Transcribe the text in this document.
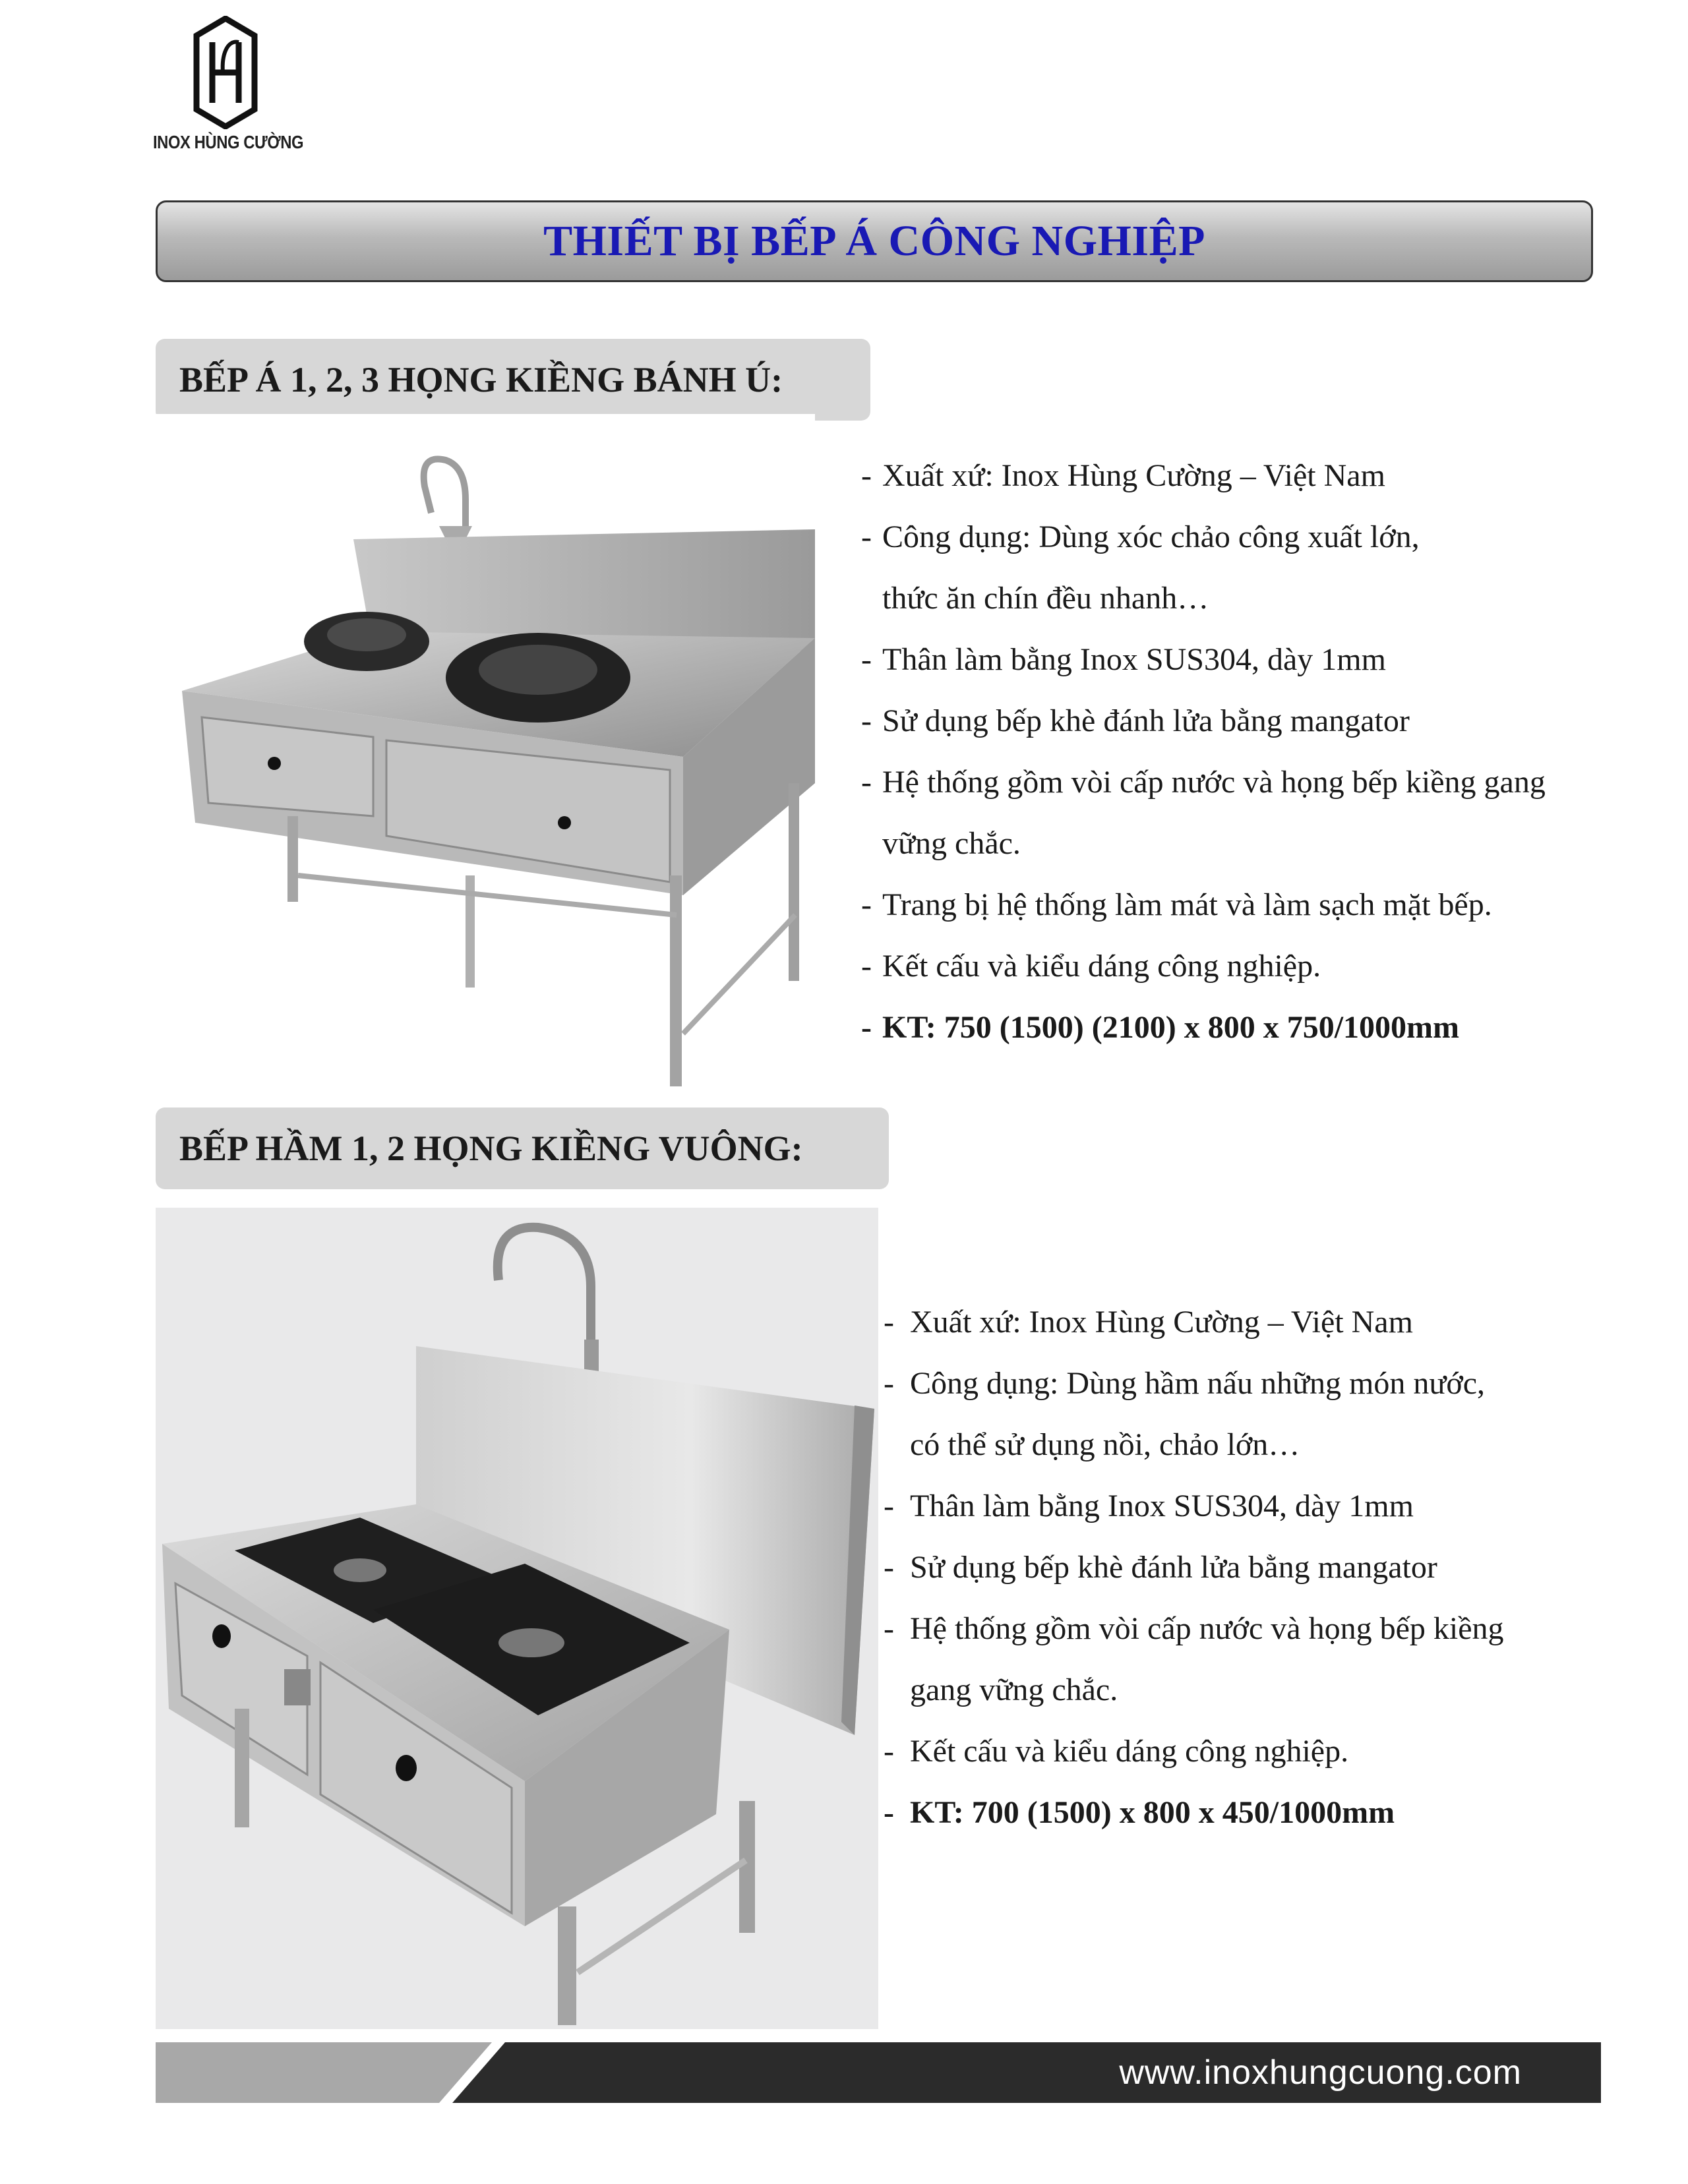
INOX HÙNG CƯỜNG
THIẾT BỊ BẾP Á CÔNG NGHIỆP
BẾP Á 1, 2, 3 HỌNG KIỀNG BÁNH Ú:
- Xuất xứ: Inox Hùng Cường – Việt Nam
- Công dụng: Dùng xóc chảo công xuất lớn,
thức ăn chín đều nhanh…
- Thân làm bằng Inox SUS304, dày 1mm
- Sử dụng bếp khè đánh lửa bằng mangator
- Hệ thống gồm vòi cấp nước và họng bếp kiềng gang
vững chắc.
- Trang bị hệ thống làm mát và làm sạch mặt bếp.
- Kết cấu và kiểu dáng công nghiệp.
- KT: 750 (1500) (2100) x 800 x 750/1000mm
BẾP HẦM 1, 2 HỌNG KIỀNG VUÔNG:
- Xuất xứ: Inox Hùng Cường – Việt Nam
- Công dụng: Dùng hầm nấu những món nước,
có thể sử dụng nồi, chảo lớn…
- Thân làm bằng Inox SUS304, dày 1mm
- Sử dụng bếp khè đánh lửa bằng mangator
- Hệ thống gồm vòi cấp nước và họng bếp kiềng
gang vững chắc.
- Kết cấu và kiểu dáng công nghiệp.
- KT: 700 (1500) x 800 x 450/1000mm
www.inoxhungcuong.com
